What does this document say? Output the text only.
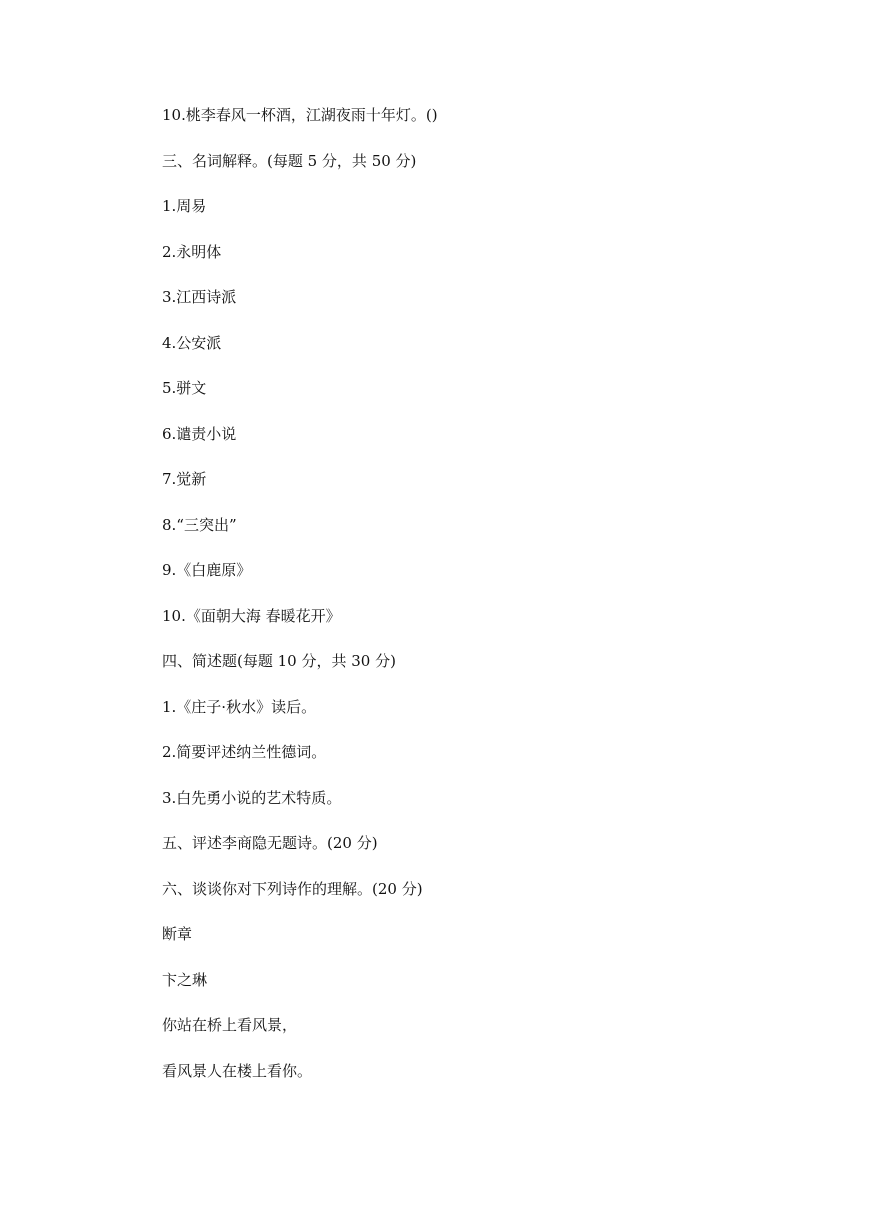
10.桃李春风一杯酒，江湖夜雨十年灯。()
三、名词解释。(每题 5 分，共 50 分)
1.周易
2.永明体
3.江西诗派
4.公安派
5.骈文
6.谴责小说
7.觉新
8.“三突出”
9.《白鹿原》
10.《面朝大海 春暖花开》
四、简述题(每题 10 分，共 30 分)
1.《庄子·秋水》读后。
2.简要评述纳兰性德词。
3.白先勇小说的艺术特质。
五、评述李商隐无题诗。(20 分)
六、谈谈你对下列诗作的理解。(20 分)
断章
卞之琳
你站在桥上看风景，
看风景人在楼上看你。
